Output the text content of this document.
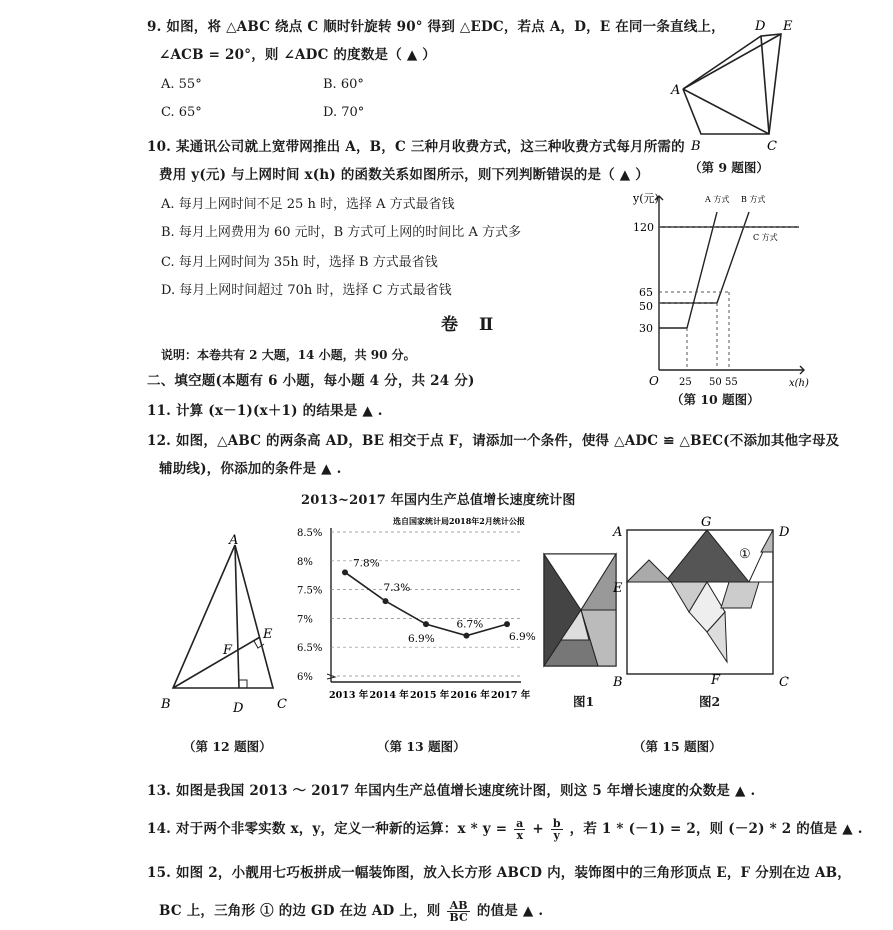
9. 如图，将 △ABC 绕点 C 顺时针旋转 90° 得到 △EDC，若点 A，D，E 在同一条直线上，
∠ACB = 20°，则 ∠ADC 的度数是（ ▲ ）
A. 55°	B. 60°
C. 65°	D. 70°
A
D E
B	C
（第 9 题图）
10. 某通讯公司就上宽带网推出 A，B，C 三种月收费方式，这三种收费方式每月所需的
费用 y(元) 与上网时间 x(h) 的函数关系如图所示，则下列判断错误的是（ ▲ ）
A. 每月上网时间不足 25 h 时，选择 A 方式最省钱
B. 每月上网费用为 60 元时，B 方式可上网的时间比 A 方式多
C. 每月上网时间为 35h 时，选择 B 方式最省钱
D. 每月上网时间超过 70h 时，选择 C 方式最省钱
y(元)
x(h)
O
120
65
50
30
25 50 55
A 方式 B 方式
C 方式
（第 10 题图）
卷　Ⅱ
说明：本卷共有 2 大题，14 小题，共 90 分。
二、填空题(本题有 6 小题，每小题 4 分，共 24 分)
11. 计算 (x－1)(x＋1) 的结果是 ▲ .
12. 如图，△ABC 的两条高 AD，BE 相交于点 F，请添加一个条件，使得 △ADC ≌ △BEC(不添加其他字母及
辅助线)，你添加的条件是 ▲ .
A
B	C
D
E
F
（第 12 题图）
2013~2017 年国内生产总值增长速度统计图
选自国家统计局2018年2月统计公报
8.5%
8%
7.5%
7%
6.5%
6%
7.8%
2013 年
7.3%
2014 年
6.9%
2015 年
6.7%
2016 年
6.9%
2017 年
（第 13 题图）
图1
A
G
D
E
B	F	C
①
图2
（第 15 题图）
13. 如图是我国 2013 ～ 2017 年国内生产总值增长速度统计图，则这 5 年增长速度的众数是 ▲ .
14. 对于两个非零实数 x，y，定义一种新的运算：$x * y = \frac{a}{x} + \frac{b}{y}$ ，若 1 * (－1) = 2，则 (－2) * 2 的值是 ▲ .
15. 如图 2，小靓用七巧板拼成一幅装饰图，放入长方形 ABCD 内，装饰图中的三角形顶点 E，F 分别在边 AB，
BC 上，三角形 ① 的边 GD 在边 AD 上，则 $\frac{AB}{BC}$ 的值是 ▲ .
